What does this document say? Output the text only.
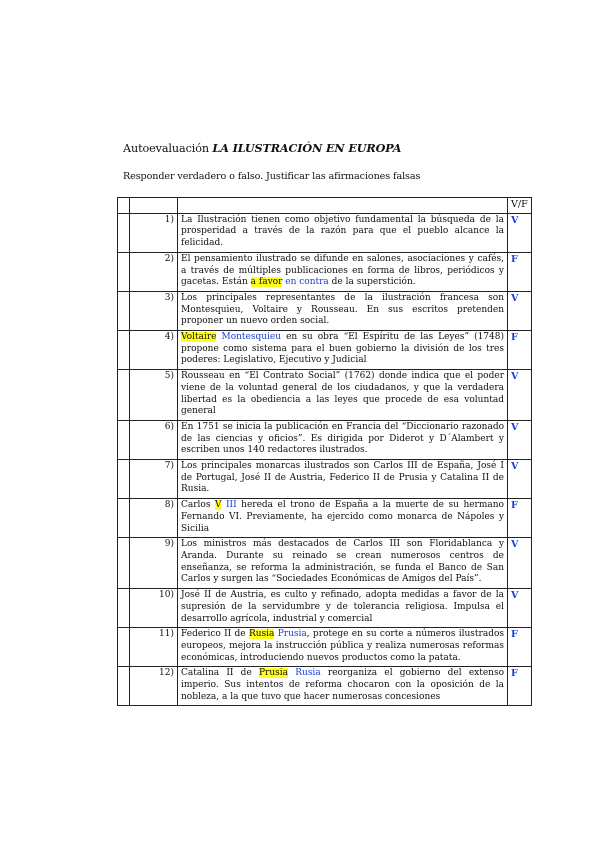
Autoevaluación LA ILUSTRACIÓN EN EUROPA
Responder verdadero o falso. Justificar las afirmaciones falsas
			V/F
	1)	La Ilustración tienen como objetivo fundamental la búsqueda de la prosperidad a través de la razón para que el pueblo alcance la felicidad.	V
	2)	El pensamiento ilustrado se difunde en salones, asociaciones y cafés, a través de múltiples publicaciones en forma de libros, periódicos y gacetas. Están a favor en contra de la superstición.	F
	3)	Los principales representantes de la ilustración francesa son Montesquieu, Voltaire y Rousseau. En sus escritos pretenden proponer un nuevo orden social.	V
	4)	Voltaire Montesquieu en su obra “El Espíritu de las Leyes” (1748) propone como sistema para el buen gobierno la división de los tres poderes: Legislativo, Ejecutivo y Judicial	F
	5)	Rousseau en “El Contrato Social” (1762) donde indica que el poder viene de la voluntad general de los ciudadanos, y que la verdadera libertad es la obediencia a las leyes que procede de esa voluntad general	V
	6)	En 1751 se inicia la publicación en Francia del “Diccionario razonado de las ciencias y oficios”. Es dirigida por Diderot y D´Alambert y escriben unos 140 redactores ilustrados.	V
	7)	Los principales monarcas ilustrados son Carlos III de España, José I de Portugal, José II de Austria, Federico II de Prusia y Catalina II de Rusia.	V
	8)	Carlos V III hereda el trono de España a la muerte de su hermano Fernando VI. Previamente, ha ejercido como monarca de Nápoles y Sicilia	F
	9)	Los ministros más destacados de Carlos III son Floridablanca y Aranda. Durante su reinado se crean numerosos centros de enseñanza, se reforma la administración, se funda el Banco de San Carlos y surgen las “Sociedades Económicas de Amigos del País”.	V
	10)	José II de Austria, es culto y refinado, adopta medidas a favor de la supresión de la servidumbre y de tolerancia religiosa. Impulsa el desarrollo agrícola, industrial y comercial	V
	11)	Federico II de Rusia Prusia, protege en su corte a números ilustrados europeos, mejora la instrucción pública y realiza numerosas reformas económicas, introduciendo nuevos productos como la patata.	F
	12)	Catalina II de Prusia Rusia reorganiza el gobierno del extenso imperio. Sus intentos de reforma chocaron con la oposición de la nobleza, a la que tuvo que hacer numerosas concesiones	F
